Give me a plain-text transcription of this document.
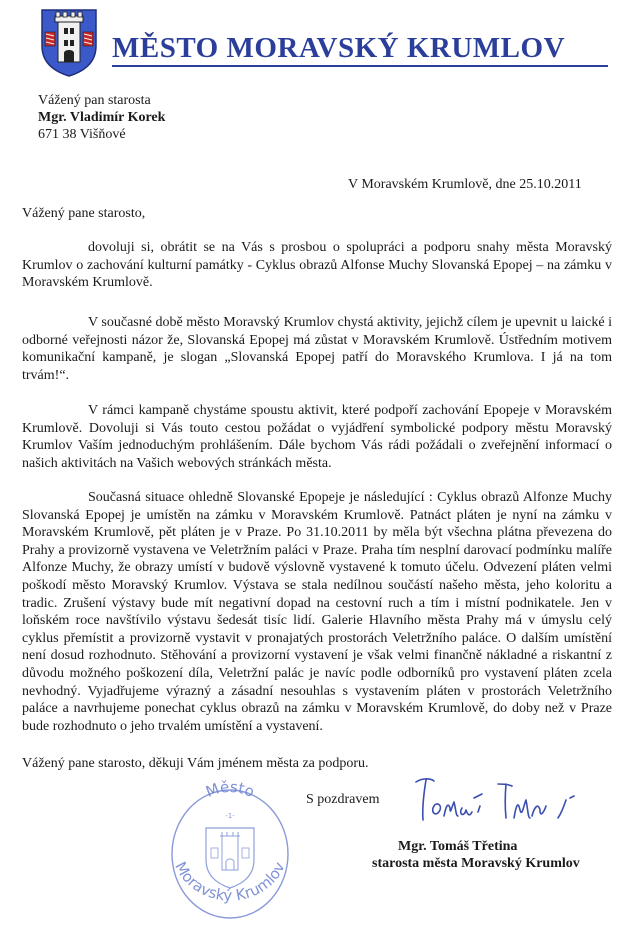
MĚSTO MORAVSKÝ KRUMLOV
Vážený pan starosta
Mgr. Vladimír Korek
671 38 Višňové
V Moravském Krumlově, dne 25.10.2011
Vážený pane starosto,

dovoluji si, obrátit se na Vás s prosbou o spolupráci a podporu snahy města Moravský Krumlov o zachování kulturní památky - Cyklus obrazů Alfonse Muchy Slovanská Epopej – na zámku v Moravském Krumlově.

V současné době město Moravský Krumlov chystá aktivity, jejichž cílem je upevnit u laické i odborné veřejnosti názor že, Slovanská Epopej má zůstat v Moravském Krumlově. Ústředním motivem komunikační kampaně, je slogan „Slovanská Epopej patří do Moravského Krumlova. I já na tom trvám!“.

V rámci kampaně chystáme spoustu aktivit, které podpoří zachování Epopeje v Moravském Krumlově. Dovoluji si Vás touto cestou požádat o vyjádření symbolické podpory městu Moravský Krumlov Vaším jednoduchým prohlášením. Dále bychom Vás rádi požádali o zveřejnění informací o našich aktivitách na Vašich webových stránkách města.

Současná situace ohledně Slovanské Epopeje je následující : Cyklus obrazů Alfonze Muchy Slovanská Epopej je umístěn na zámku v Moravském Krumlově. Patnáct pláten je nyní na zámku v Moravském Krumlově, pět pláten je v Praze. Po 31.10.2011 by měla být všechna plátna převezena do Prahy a provizorně vystavena ve Veletržním paláci v Praze. Praha tím nesplní darovací podmínku malíře Alfonze Muchy, že obrazy umístí v budově výslovně vystavené k tomuto účelu. Odvezení pláten velmi poškodí město Moravský Krumlov. Výstava se stala nedílnou součástí našeho města, jeho koloritu a tradic. Zrušení výstavy bude mít negativní dopad na cestovní ruch a tím i místní podnikatele. Jen v loňském roce navštívilo výstavu šedesát tisíc lidí. Galerie Hlavního města Prahy má v úmyslu celý cyklus přemístit a provizorně vystavit v pronajatých prostorách Veletržního paláce. O dalším umístění není dosud rozhodnuto. Stěhování a provizorní vystavení je však velmi finančně nákladné a riskantní z důvodu možného poškození díla, Veletržní palác je navíc podle odborníků pro vystavení pláten zcela nevhodný. Vyjadřujeme výrazný a zásadní nesouhlas s vystavením pláten v prostorách Veletržního paláce a navrhujeme ponechat cyklus obrazů na zámku v Moravském Krumlově, do doby než v Praze bude rozhodnuto o jeho trvalém umístění a vystavení.

Vážený pane starosto, děkuji Vám jménem města za podporu.
S pozdravem
Město
-1-
Moravský Krumlov
Mgr. Tomáš Třetina
starosta města Moravský Krumlov
